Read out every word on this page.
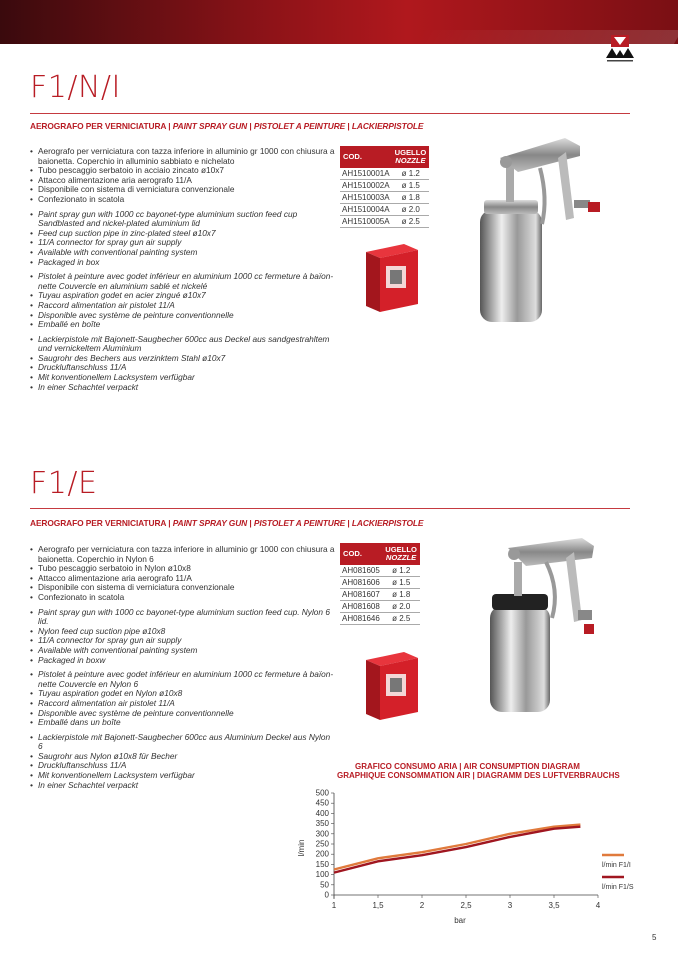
F1/N/I
AEROGRAFO PER VERNICIATURA | PAINT SPRAY GUN | PISTOLET A PEINTURE | LACKIERPISTOLE
• Aerografo per verniciatura con tazza inferiore in alluminio gr 1000 con chiusura a baionetta. Coperchio in alluminio sabbiato e nichelato
• Tubo pescaggio serbatoio in acciaio zincato ø10x7
• Attacco alimentazione aria aerografo 11/A
• Disponibile con sistema di verniciatura convenzionale
• Confezionato in scatola
• Paint spray gun with 1000 cc bayonet-type aluminium suction feed cup Sandblasted and nickel-plated aluminium lid
• Feed cup suction pipe in zinc-plated steel ø10x7
• 11/A connector for spray gun air supply
• Available with conventional painting system
• Packaged in box
• Pistolet à peinture avec godet inférieur en aluminium 1000 cc fermeture à baïon-nette Couvercle en aluminium sablé et nickelé
• Tuyau aspiration godet en acier zingué ø10x7
• Raccord alimentation air pistolet 11/A
• Disponible avec système de peinture conventionnelle
• Emballé en boîte
• Lackierpistole mit Bajonett-Saugbecher 600cc aus Deckel aus sandgestrahltem und vernickeltem Aluminium
• Saugrohr des Bechers aus verzinktem Stahl ø10x7
• Druckluftanschluss 11/A
• Mit konventionellem Lacksystem verfügbar
• In einer Schachtel verpackt
COD.	UGELLO
NOZZLE
AH1510001A	ø 1.2
AH1510002A	ø 1.5
AH1510003A	ø 1.8
AH1510004A	ø 2.0
AH1510005A	ø 2.5
F1/E
AEROGRAFO PER VERNICIATURA | PAINT SPRAY GUN | PISTOLET A PEINTURE | LACKIERPISTOLE
• Aerografo per verniciatura con tazza inferiore in alluminio gr 1000 con chiusura a baionetta. Coperchio in Nylon 6
• Tubo pescaggio serbatoio in Nylon ø10x8
• Attacco alimentazione aria aerografo 11/A
• Disponibile con sistema di verniciatura convenzionale
• Confezionato in scatola
• Paint spray gun with 1000 cc bayonet-type aluminium suction feed cup. Nylon 6 lid.
• Nylon feed cup suction pipe ø10x8
• 11/A connector for spray gun air supply
• Available with conventional painting system
• Packaged in boxw
• Pistolet à peinture avec godet inférieur en aluminium 1000 cc fermeture à baïon-nette Couvercle en Nylon 6
• Tuyau aspiration godet en Nylon ø10x8
• Raccord alimentation air pistolet 11/A
• Disponible avec système de peinture conventionnelle
• Emballé dans un boîte
• Lackierpistole mit Bajonett-Saugbecher 600cc aus Aluminium Deckel aus Nylon 6
• Saugrohr aus Nylon ø10x8 für Becher
• Druckluftanschluss 11/A
• Mit konventionellem Lacksystem verfügbar
• In einer Schachtel verpackt
COD.	UGELLO
NOZZLE
AH081605	ø 1.2
AH081606	ø 1.5
AH081607	ø 1.8
AH081608	ø 2.0
AH081646	ø 2.5
GRAFICO CONSUMO ARIA | AIR CONSUMPTION DIAGRAM
GRAPHIQUE CONSOMMATION AIR | DIAGRAMM DES LUFTVERBRAUCHS
0
50
100
150
200
250
300
350
400
450
500
1	1,5	2	2,5	3	3,5	4
bar
l/min
l/min F1/I
l/min F1/S
5
